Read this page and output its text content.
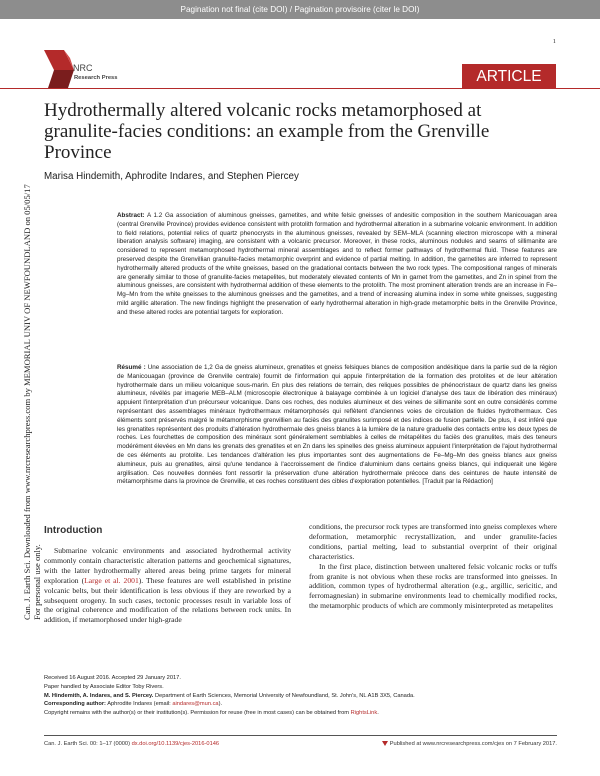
Pagination not final (cite DOI) / Pagination provisoire (citer le DOI)
1
NRC
Research Press	ARTICLE
Can. J. Earth Sci. Downloaded from www.nrcresearchpress.com by MEMORIAL UNIV OF NEWFOUNDLAND on 05/05/17
For personal use only.
Hydrothermally altered volcanic rocks metamorphosed at granulite-facies conditions: an example from the Grenville Province
Marisa Hindemith, Aphrodite Indares, and Stephen Piercey
Abstract: A 1.2 Ga association of aluminous gneisses, garnetites, and white felsic gneisses of andesitic composition in the southern Manicouagan area (central Grenville Province) provides evidence consistent with protolith formation and hydrothermal alteration in a submarine volcanic environment. In addition to field relations, potential relics of quartz phenocrysts in the aluminous gneisses, revealed by SEM–MLA (scanning electron microscope with a mineral liberation analysis software) imaging, are consistent with a volcanic precursor. Moreover, in these rocks, aluminous nodules and seams of sillimanite are considered to represent metamorphosed hydrothermal mineral assemblages and to reflect former pathways of hydrothermal fluid. These features are preserved despite the Grenvillian granulite-facies metamorphic overprint and evidence of partial melting. In addition, the garnetites are inferred to represent hydrothermally altered products of the white gneisses, based on the gradational contacts between the two rock types. The compositional ranges of minerals are generally similar to those of granulite-facies metapelites, but moderately elevated contents of Mn in garnet from the garnetites, and Zn in spinel from the aluminous gneisses, are consistent with hydrothermal addition of these elements to the protolith. The most prominent alteration trends are an increase in Fe–Mg–Mn from the white gneisses to the aluminous gneisses and the garnetites, and a trend of increasing alumina index in some white gneisses, suggesting mild argillic alteration. The new findings highlight the preservation of early hydrothermal alteration in high-grade metamorphic belts in the Grenville Province, and these altered rocks are potential targets for exploration.
Résumé : Une association de 1,2 Ga de gneiss alumineux, grenatites et gneiss felsiques blancs de composition andésitique dans la partie sud de la région de Manicouagan (province de Grenville centrale) fournit de l'information qui appuie l'interprétation de la formation des protolites et de leur altération hydrothermale dans un milieu volcanique sous-marin. En plus des relations de terrain, des reliques possibles de phénocristaux de quartz dans les gneiss alumineux, révélés par imagerie MEB–ALM (microscopie électronique à balayage combinée à un logiciel d'analyse des taux de libération des minéraux) appuient l'interprétation d'un précurseur volcanique. Dans ces roches, des nodules alumineux et des veines de sillimanite sont en outre considérés comme représentant des assemblages minéraux hydrothermaux métamorphosés qui reflètent d'anciennes voies de circulation de fluides hydrothermaux. Ces éléments sont préservés malgré le métamorphisme grenvillien au faciès des granulites surimposé et des indices de fusion partielle. De plus, il est inféré que les grenatites représentent des produits d'altération hydrothermale des gneiss blancs à la lumière de la nature graduelle des contacts entre les deux types de roches. Les fourchettes de composition des minéraux sont généralement semblables à celles de métapélites du faciès des granulites, mais des teneurs modérément élevées en Mn dans les grenats des grenatites et en Zn dans les spinelles des gneiss alumineux appuient l'interprétation de l'ajout hydrothermal de ces éléments au protolite. Les tendances d'altération les plus importantes sont des augmentations de Fe–Mg–Mn des gneiss blancs aux gneiss alumineux, puis au grenatites, ainsi qu'une tendance à l'accroissement de l'indice d'aluminium dans certains gneiss blancs, qui indiquerait une légère argilisation. Ces nouvelles données font ressortir la préservation d'une altération hydrothermale précoce dans des ceintures de haute intensité de métamorphisme dans la province de Grenville, et ces roches constituent des cibles d'exploration potentielles. [Traduit par la Rédaction]
Introduction

Submarine volcanic environments and associated hydrothermal activity commonly contain characteristic alteration patterns and geochemical signatures, with the latter hydrothermally altered areas being prime targets for mineral exploration (Large et al. 2001). These features are well established in pristine volcanic belts, but their identification is less obvious if they are reworked by a subsequent orogeny. In such cases, tectonic processes result in variable loss of the original coherence and modification of the relations between rock units. In addition, if metamorphosed under high-grade

conditions, the precursor rock types are transformed into gneiss complexes where deformation, metamorphic recrystallization, and under granulite-facies conditions, partial melting, lead to substantial overprint of their original characteristics.

In the first place, distinction between unaltered felsic volcanic rocks or tuffs from granite is not obvious when these rocks are transformed into gneisses. In addition, common types of hydrothermal alteration (e.g., argillic, sericitic, and ferromagnesian) in submarine environments lead to chemically modified rocks, the metamorphic products of which are commonly misinterpreted as metapelites

Received 16 August 2016. Accepted 29 January 2017.
Paper handled by Associate Editor Toby Rivers.
M. Hindemith, A. Indares, and S. Piercey. Department of Earth Sciences, Memorial University of Newfoundland, St. John's, NL A1B 3X5, Canada.
Corresponding author: Aphrodite Indares (email: aindares@mun.ca).
Copyright remains with the author(s) or their institution(s). Permission for reuse (free in most cases) can be obtained from RightsLink.
Can. J. Earth Sci. 00: 1–17 (0000) dx.doi.org/10.1139/cjes-2016-0146	Published at www.nrcresearchpress.com/cjes on 7 February 2017.
